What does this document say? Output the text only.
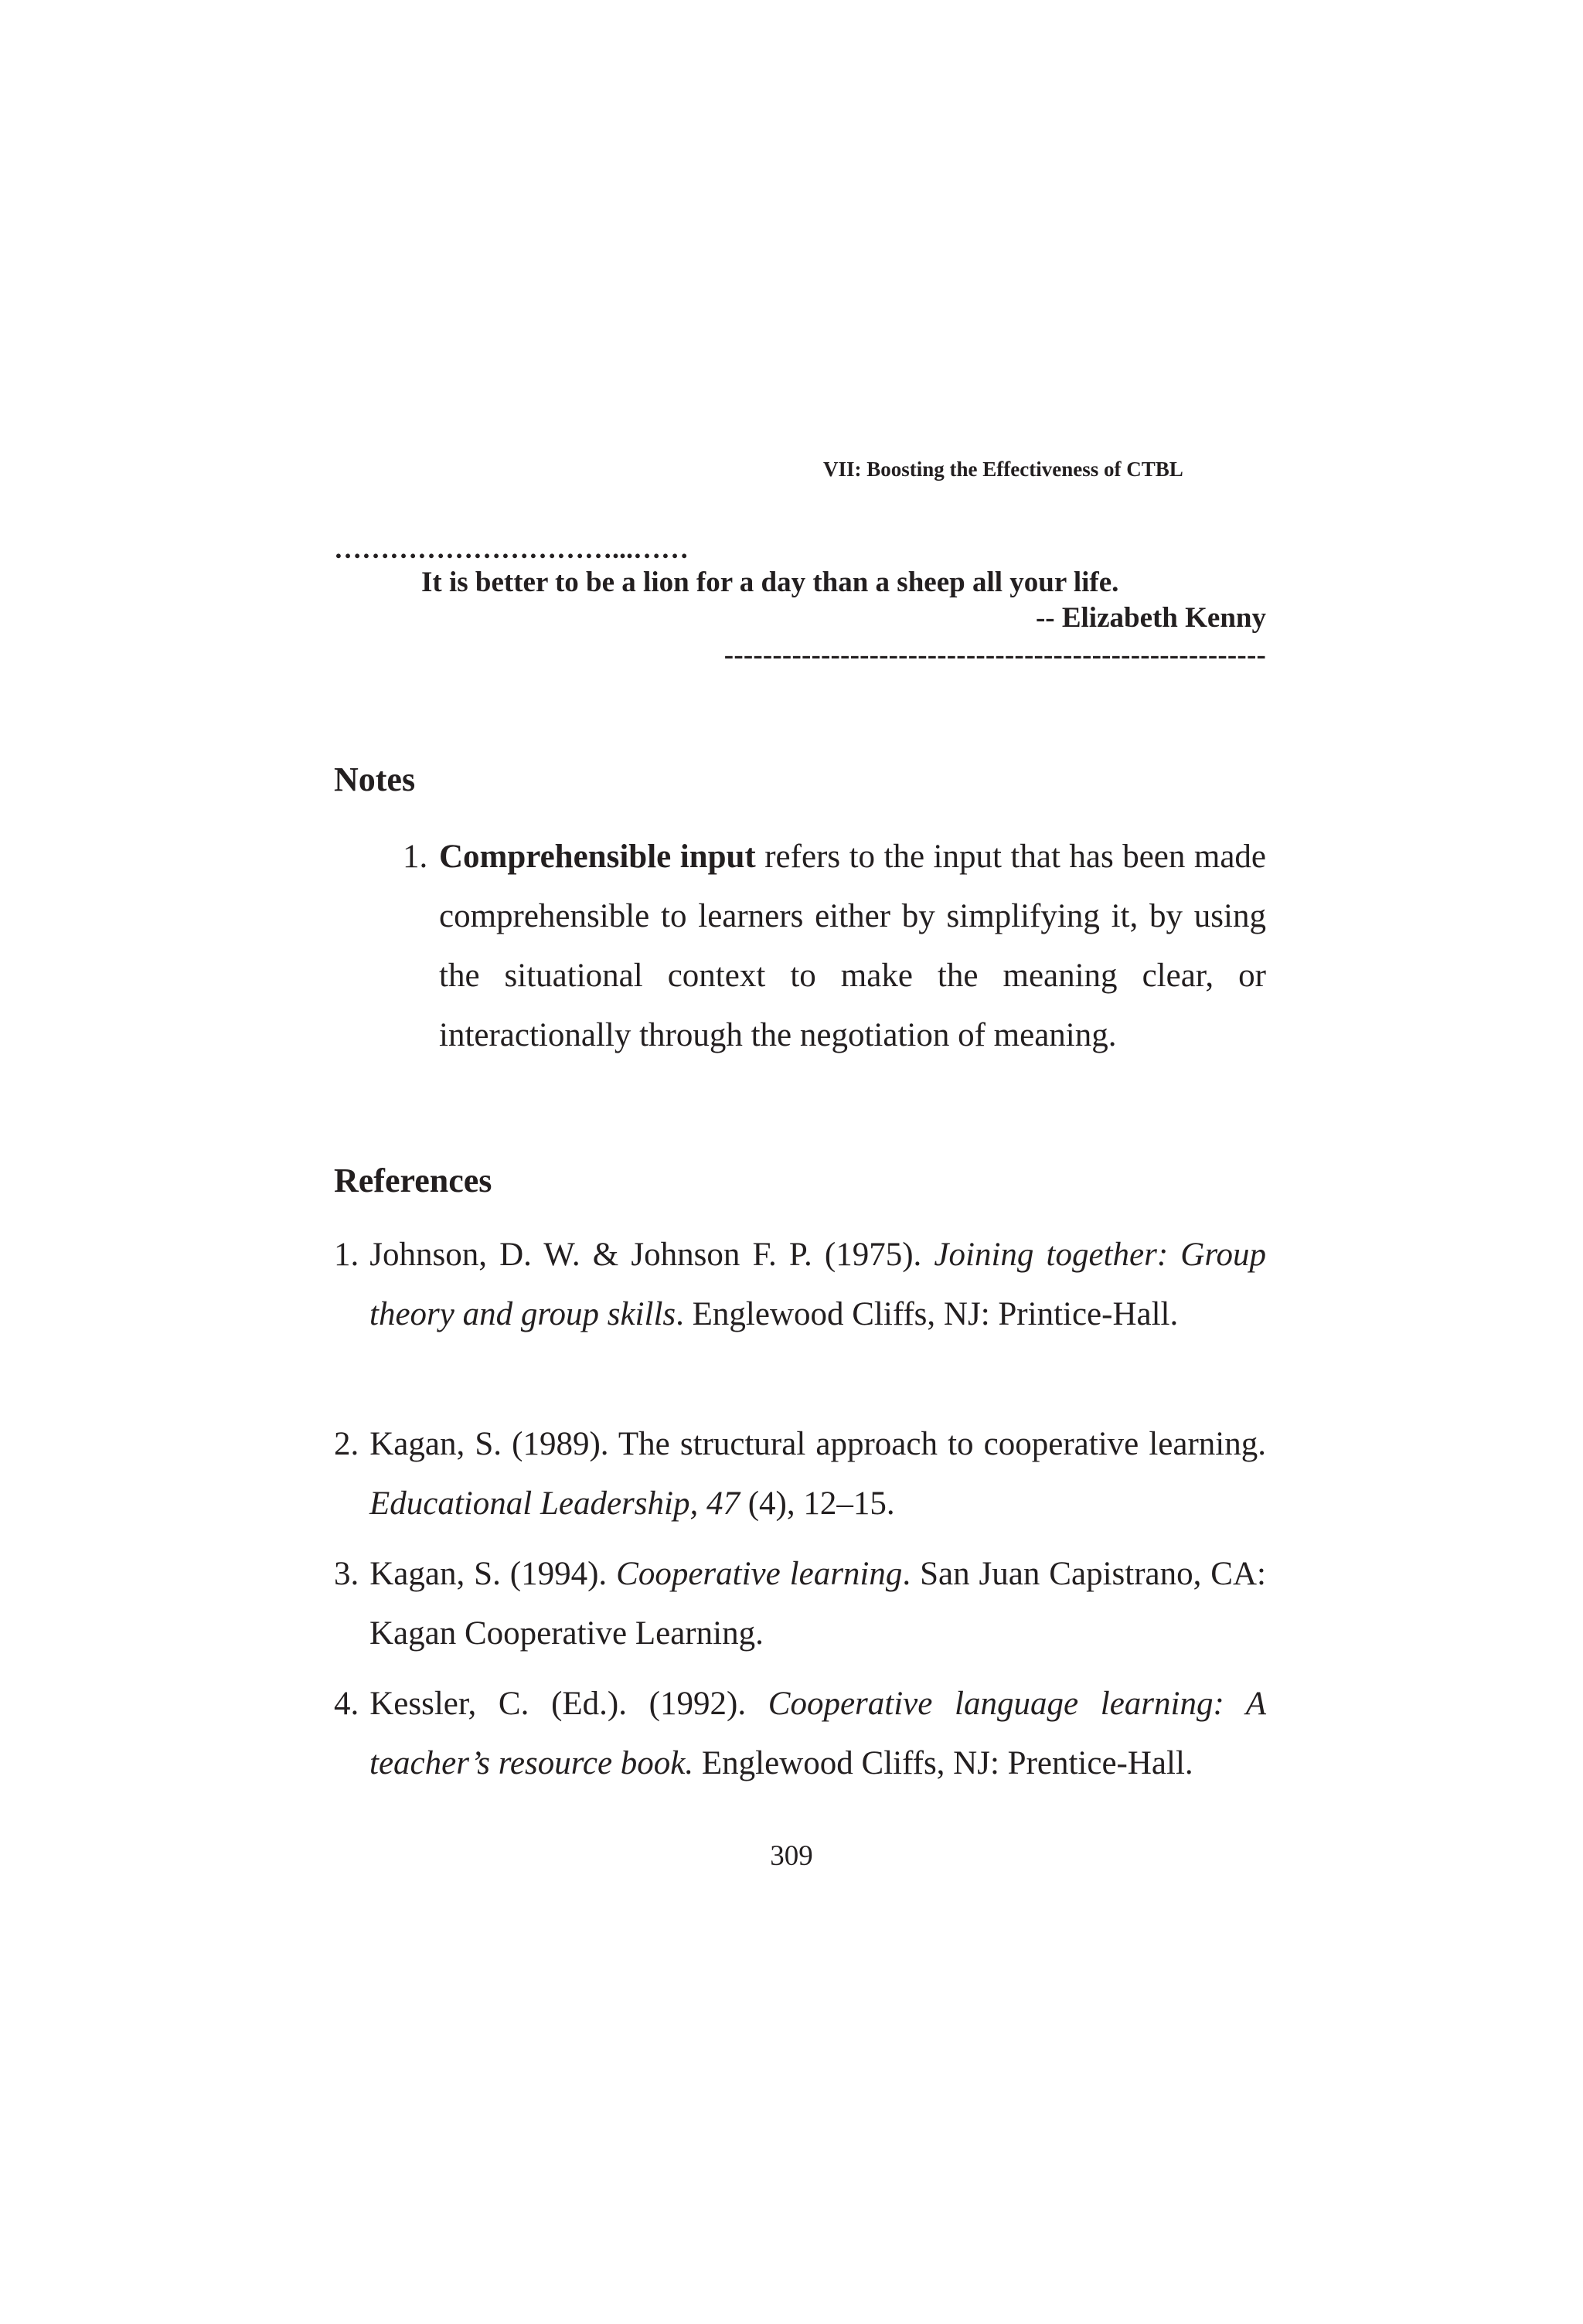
VII: Boosting the Effectiveness of CTBL
…………………………...……
It is better to be a lion for a day than a sheep all your life.
-- Elizabeth Kenny
--------------------------------------------------------
Notes
1. Comprehensible input refers to the input that has been made comprehensible to learners either by simplifying it, by using the situational context to make the meaning clear, or interactionally through the negotiation of meaning.
References
1. Johnson, D. W. & Johnson F. P. (1975). Joining together: Group theory and group skills. Englewood Cliffs, NJ: Printice-Hall.
2. Kagan, S. (1989). The structural approach to cooperative learning. Educational Leadership, 47 (4), 12–15.
3. Kagan, S. (1994). Cooperative learning. San Juan Capistrano, CA: Kagan Cooperative Learning.
4. Kessler, C. (Ed.). (1992). Cooperative language learning: A teacher’s resource book. Englewood Cliffs, NJ: Prentice-Hall.
309
